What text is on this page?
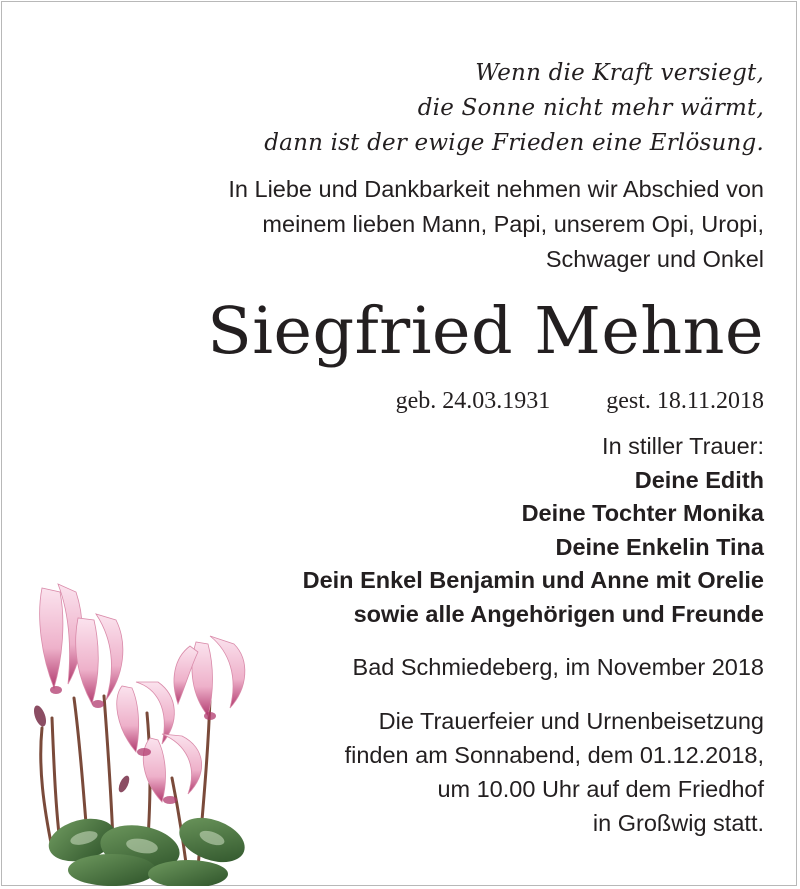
Wenn die Kraft versiegt,
die Sonne nicht mehr wärmt,
dann ist der ewige Frieden eine Erlösung.
In Liebe und Dankbarkeit nehmen wir Abschied von
meinem lieben Mann, Papi, unserem Opi, Uropi,
Schwager und Onkel
Siegfried Mehne
geb. 24.03.1931 gest. 18.11.2018
In stiller Trauer:
Deine Edith
Deine Tochter Monika
Deine Enkelin Tina
Dein Enkel Benjamin und Anne mit Orelie
sowie alle Angehörigen und Freunde
Bad Schmiedeberg, im November 2018
Die Trauerfeier und Urnenbeisetzung
finden am Sonnabend, dem 01.12.2018,
um 10.00 Uhr auf dem Friedhof
in Großwig statt.
